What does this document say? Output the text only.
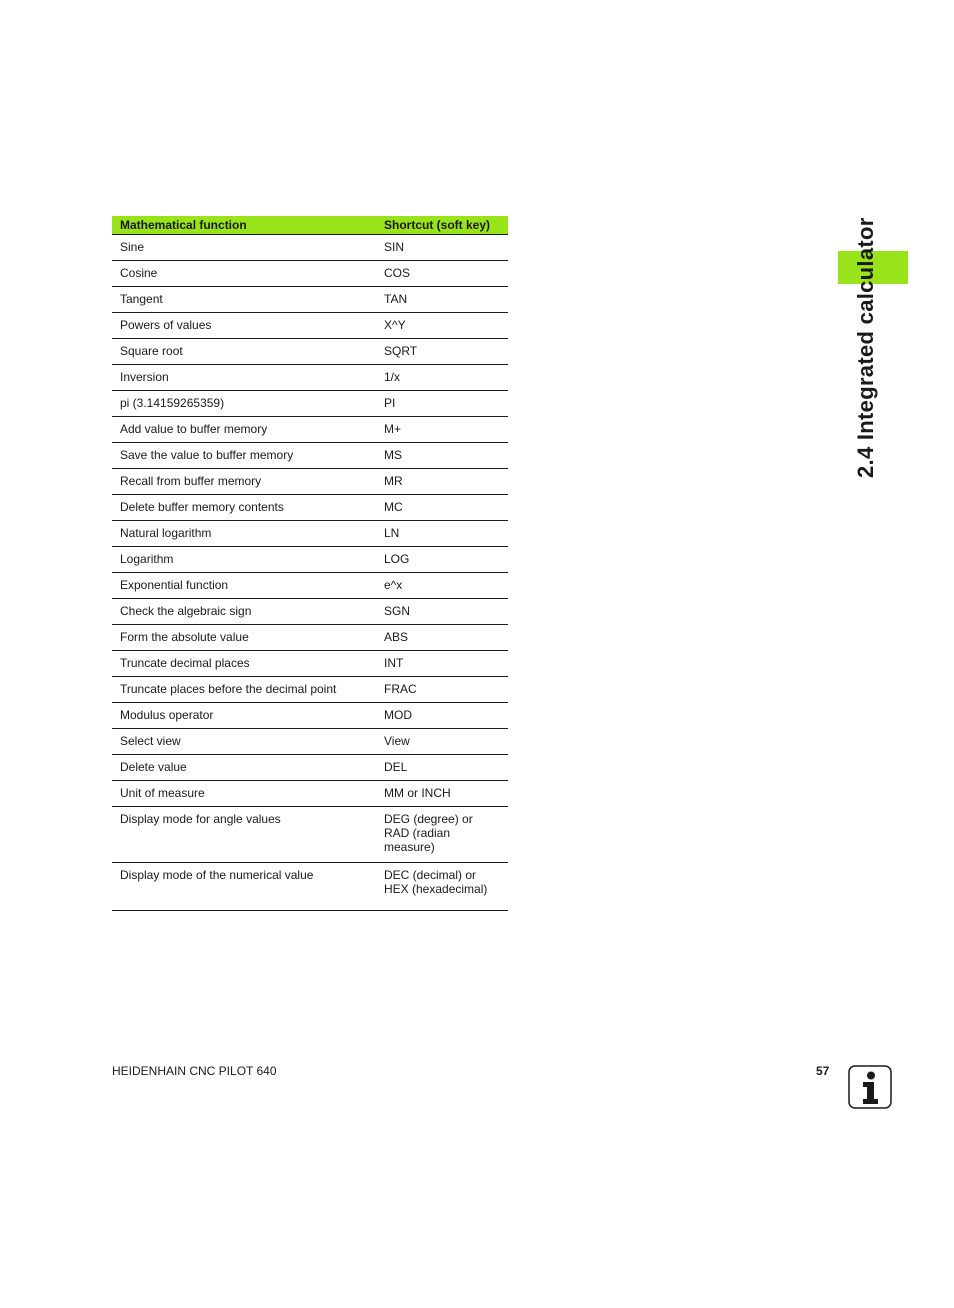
Mathematical function	Shortcut (soft key)
Sine	SIN
Cosine	COS
Tangent	TAN
Powers of values	X^Y
Square root	SQRT
Inversion	1/x
pi (3.14159265359)	PI
Add value to buffer memory	M+
Save the value to buffer memory	MS
Recall from buffer memory	MR
Delete buffer memory contents	MC
Natural logarithm	LN
Logarithm	LOG
Exponential function	e^x
Check the algebraic sign	SGN
Form the absolute value	ABS
Truncate decimal places	INT
Truncate places before the decimal point	FRAC
Modulus operator	MOD
Select view	View
Delete value	DEL
Unit of measure	MM or INCH
Display mode for angle values	DEG (degree) or
RAD (radian
measure)
Display mode of the numerical value	DEC (decimal) or
HEX (hexadecimal)
2.4 Integrated calculator
HEIDENHAIN CNC PILOT 640	57
